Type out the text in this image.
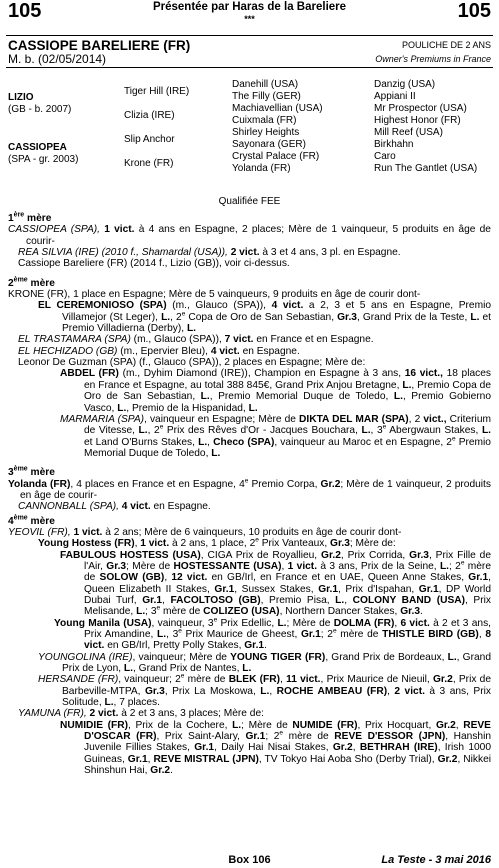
105	Présentée par Haras de la Bareliere
***	105
CASSIOPE BARELIERE (FR)
M. b. (02/05/2014)
POULICHE DE 2 ANS
Owner's Premiums in France
LIZIO
(GB - b. 2007)
CASSIOPEA
(SPA - gr. 2003)
Tiger Hill (IRE)
Clizia (IRE)
Slip Anchor
Krone (FR)
Danehill (USA)
The Filly (GER)
Machiavellian (USA)
Cuixmala (FR)
Shirley Heights
Sayonara (GER)
Crystal Palace (FR)
Yolanda (FR)
Danzig (USA)
Appiani II
Mr Prospector (USA)
Highest Honor (FR)
Mill Reef (USA)
Birkhahn
Caro
Run The Gantlet (USA)
Qualifiée FEE
1ère mère
CASSIOPEA (SPA), 1 vict. à 4 ans en Espagne, 2 places; Mère de 1 vainqueur, 5 produits en âge de courir-
REA SILVIA (IRE) (2010 f., Shamardal (USA)), 2 vict. à 3 et 4 ans, 3 pl. en Espagne.
Cassiope Bareliere (FR) (2014 f., Lizio (GB)), voir ci-dessus.
2ème mère
KRONE (FR), 1 place en Espagne; Mère de 5 vainqueurs, 9 produits en âge de courir dont-
EL CEREMONIOSO (SPA) (m., Glauco (SPA)), 4 vict. a 2, 3 et 5 ans en Espagne, Premio Villamejor (St Leger), L., 2e Copa de Oro de San Sebastian, Gr.3, Grand Prix de la Teste, L. et Premio Villadierna (Derby), L.
EL TRASTAMARA (SPA) (m., Glauco (SPA)), 7 vict. en France et en Espagne.
EL HECHIZADO (GB) (m., Epervier Bleu), 4 vict. en Espagne.
Leonor De Guzman (SPA) (f., Glauco (SPA)), 2 places en Espagne; Mère de:
ABDEL (FR) (m., Dyhim Diamond (IRE)), Champion en Espagne à 3 ans, 16 vict., 18 places en France et Espagne, au total 388 845€, Grand Prix Anjou Bretagne, L., Premio Copa de Oro de San Sebastian, L., Premio Memorial Duque de Toledo, L., Premio Gobierno Vasco, L., Premio de la Hispanidad, L.
MARMARIA (SPA), vainqueur en Espagne; Mère de DIKTA DEL MAR (SPA), 2 vict., Criterium de Vitesse, L., 2e Prix des Rêves d'Or - Jacques Bouchara, L., 3e Abergwaun Stakes, L. et Land O'Burns Stakes, L., Checo (SPA), vainqueur au Maroc et en Espagne, 2e Premio Memorial Duque de Toledo, L.
3ème mère
Yolanda (FR), 4 places en France et en Espagne, 4e Premio Corpa, Gr.2; Mère de 1 vainqueur, 2 produits en âge de courir-
CANNONBALL (SPA), 4 vict. en Espagne.
4ème mère
YEOVIL (FR), 1 vict. à 2 ans; Mère de 6 vainqueurs, 10 produits en âge de courir dont-
Young Hostess (FR), 1 vict. à 2 ans, 1 place, 2e Prix Vanteaux, Gr.3; Mère de:
FABULOUS HOSTESS (USA), CIGA Prix de Royallieu, Gr.2, Prix Corrida, Gr.3, Prix Fille de l'Air, Gr.3; Mère de HOSTESSANTE (USA), 1 vict. à 3 ans, Prix de la Seine, L.; 2e mère de SOLOW (GB), 12 vict. en GB/Irl, en France et en UAE, Queen Anne Stakes, Gr.1, Queen Elizabeth II Stakes, Gr.1, Sussex Stakes, Gr.1, Prix d'Ispahan, Gr.1, DP World Dubai Turf, Gr.1, FACOLTOSO (GB), Premio Pisa, L., COLONY BAND (USA), Prix Melisande, L.; 3e mère de COLIZEO (USA), Northern Dancer Stakes, Gr.3.
Young Manila (USA), vainqueur, 3e Prix Edellic, L.; Mère de DOLMA (FR), 6 vict. à 2 et 3 ans, Prix Amandine, L., 3e Prix Maurice de Gheest, Gr.1; 2e mère de THISTLE BIRD (GB), 8 vict. en GB/Irl, Pretty Polly Stakes, Gr.1.
YOUNGOLINA (IRE), vainqueur; Mère de YOUNG TIGER (FR), Grand Prix de Bordeaux, L., Grand Prix de Lyon, L., Grand Prix de Nantes, L.
HERSANDE (FR), vainqueur; 2e mère de BLEK (FR), 11 vict., Prix Maurice de Nieuil, Gr.2, Prix de Barbeville-MTPA, Gr.3, Prix La Moskowa, L., ROCHE AMBEAU (FR), 2 vict. à 3 ans, Prix Solitude, L., 7 places.
YAMUNA (FR), 2 vict. à 2 et 3 ans, 3 places; Mère de:
NUMIDIE (FR), Prix de la Cochere, L.; Mère de NUMIDE (FR), Prix Hocquart, Gr.2, REVE D'OSCAR (FR), Prix Saint-Alary, Gr.1; 2e mère de REVE D'ESSOR (JPN), Hanshin Juvenile Fillies Stakes, Gr.1, Daily Hai Nisai Stakes, Gr.2, BETHRAH (IRE), Irish 1000 Guineas, Gr.1, REVE MISTRAL (JPN), TV Tokyo Hai Aoba Sho (Derby Trial), Gr.2, Nikkei Shinshun Hai, Gr.2.
Box 106	La Teste - 3 mai 2016
